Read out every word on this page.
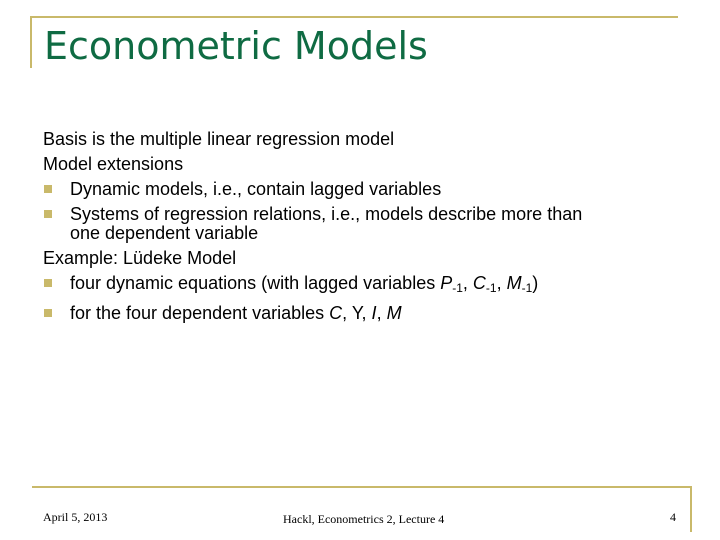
Econometric Models

Basis is the multiple linear regression model

Model extensions

Dynamic models, i.e., contain lagged variables

Systems of regression relations, i.e., models describe more than

one dependent variable

Example: Lüdeke Model

four dynamic equations (with lagged variables $P_{-1}$, $C_{-1}$, $M_{-1}$)

for the four dependent variables C, Y, I, M

April 5, 2013	Hackl, Econometrics 2, Lecture 4	4
